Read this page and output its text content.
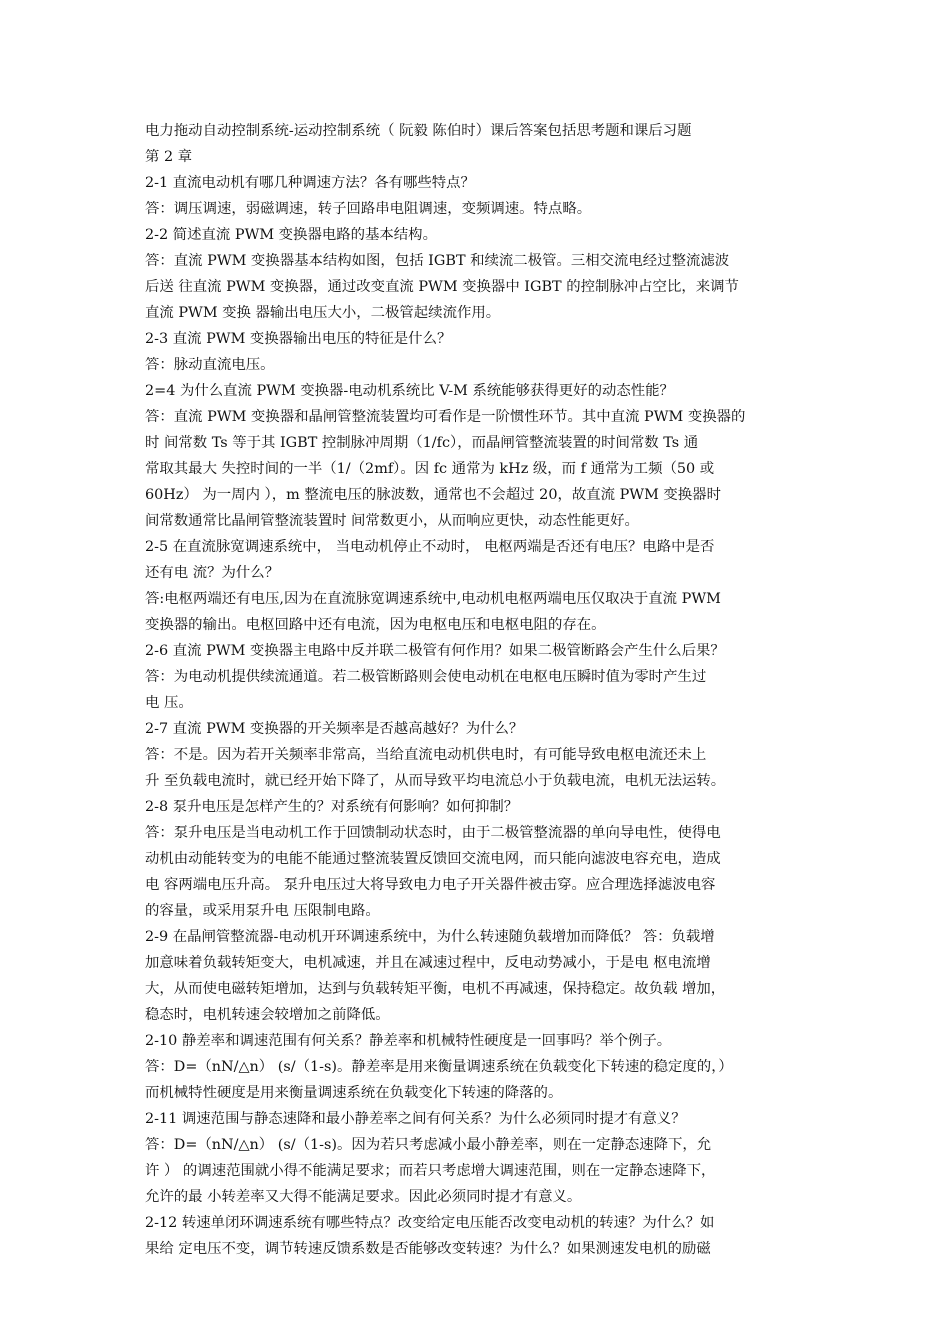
电力拖动自动控制系统-运动控制系统（ 阮毅 陈伯时）课后答案包括思考题和课后习题
第 2 章
2-1 直流电动机有哪几种调速方法？各有哪些特点？
答：调压调速，弱磁调速，转子回路串电阻调速，变频调速。特点略。
2-2 简述直流 PWM 变换器电路的基本结构。
答：直流 PWM 变换器基本结构如图，包括 IGBT 和续流二极管。三相交流电经过整流滤波
后送 往直流 PWM 变换器，通过改变直流 PWM 变换器中 IGBT 的控制脉冲占空比，来调节
直流 PWM 变换 器输出电压大小，二极管起续流作用。
2-3 直流 PWM 变换器输出电压的特征是什么？
答：脉动直流电压。
2=4 为什么直流 PWM 变换器-电动机系统比 V-M 系统能够获得更好的动态性能？
答：直流 PWM 变换器和晶闸管整流装置均可看作是一阶惯性环节。其中直流 PWM 变换器的
时 间常数 Ts 等于其 IGBT 控制脉冲周期（1/fc），而晶闸管整流装置的时间常数 Ts 通
常取其最大 失控时间的一半（1/（2mf）。因 fc 通常为 kHz 级，而 f 通常为工频（50 或
60Hz） 为一周内 ），m 整流电压的脉波数，通常也不会超过 20，故直流 PWM 变换器时
间常数通常比晶闸管整流装置时 间常数更小，从而响应更快，动态性能更好。
2-5 在直流脉宽调速系统中， 当电动机停止不动时， 电枢两端是否还有电压？电路中是否
还有电 流？为什么？
答:电枢两端还有电压,因为在直流脉宽调速系统中,电动机电枢两端电压仅取决于直流 PWM
变换器的输出。电枢回路中还有电流，因为电枢电压和电枢电阻的存在。
2-6 直流 PWM 变换器主电路中反并联二极管有何作用？如果二极管断路会产生什么后果？
答：为电动机提供续流通道。若二极管断路则会使电动机在电枢电压瞬时值为零时产生过
电 压。
2-7 直流 PWM 变换器的开关频率是否越高越好？为什么？
答：不是。因为若开关频率非常高，当给直流电动机供电时，有可能导致电枢电流还未上
升 至负载电流时，就已经开始下降了，从而导致平均电流总小于负载电流，电机无法运转。
2-8 泵升电压是怎样产生的？对系统有何影响？如何抑制？
答：泵升电压是当电动机工作于回馈制动状态时，由于二极管整流器的单向导电性，使得电
动机由动能转变为的电能不能通过整流装置反馈回交流电网，而只能向滤波电容充电，造成
电 容两端电压升高。 泵升电压过大将导致电力电子开关器件被击穿。应合理选择滤波电容
的容量，或采用泵升电 压限制电路。
2-9 在晶闸管整流器-电动机开环调速系统中，为什么转速随负载增加而降低？ 答：负载增
加意味着负载转矩变大，电机减速，并且在减速过程中，反电动势减小，于是电 枢电流增
大，从而使电磁转矩增加，达到与负载转矩平衡，电机不再减速，保持稳定。故负载 增加，
稳态时，电机转速会较增加之前降低。
2-10 静差率和调速范围有何关系？静差率和机械特性硬度是一回事吗？举个例子。
答：D=（nN/△n） (s/（1-s)。静差率是用来衡量调速系统在负载变化下转速的稳定度的，）
而机械特性硬度是用来衡量调速系统在负载变化下转速的降落的。
2-11 调速范围与静态速降和最小静差率之间有何关系？为什么必须同时提才有意义？
答：D=（nN/△n） (s/（1-s)。因为若只考虑减小最小静差率，则在一定静态速降下，允
许 ） 的调速范围就小得不能满足要求；而若只考虑增大调速范围，则在一定静态速降下，
允许的最 小转差率又大得不能满足要求。因此必须同时提才有意义。
2-12 转速单闭环调速系统有哪些特点？改变给定电压能否改变电动机的转速？为什么？如
果给 定电压不变，调节转速反馈系数是否能够改变转速？为什么？如果测速发电机的励磁
